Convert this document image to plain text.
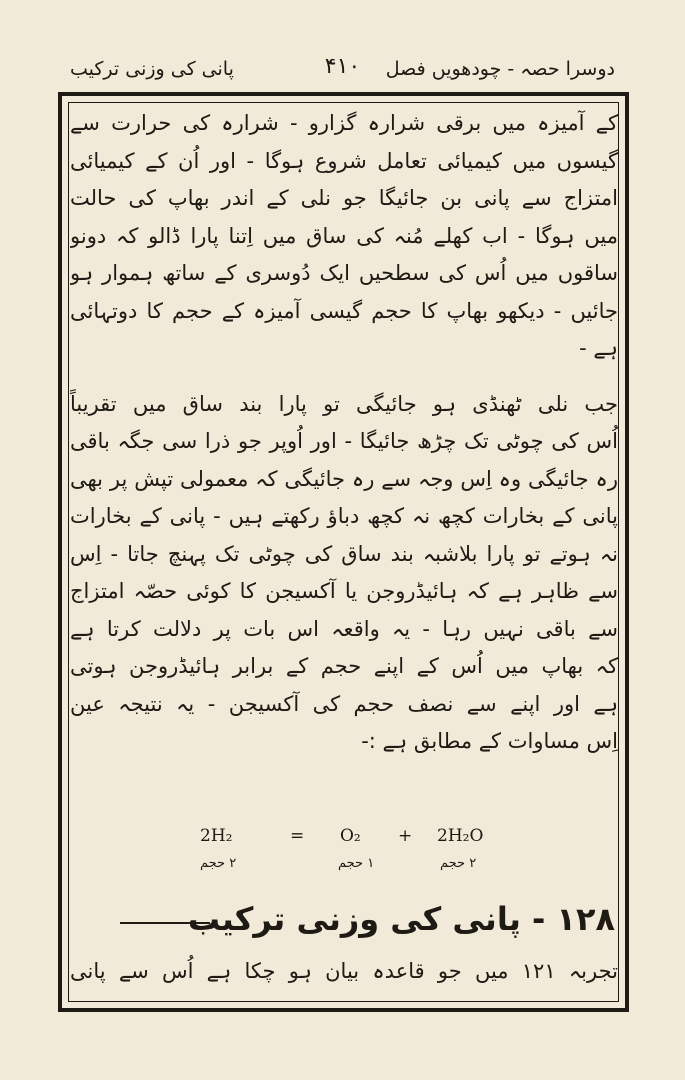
پانی کی وزنی ترکیب	۴۱۰	دوسرا حصہ - چودھویں فصل
کے آمیزہ میں برقی شرارہ گزارو - شرارہ کی حرارت سے
گیسوں میں کیمیائی تعامل شروع ہوگا - اور اُن کے کیمیائی
امتزاج سے پانی بن جائیگا جو نلی کے اندر بھاپ کی حالت
میں ہوگا - اب کھلے مُنہ کی ساق میں اِتنا پارا ڈالو کہ دونو
ساقوں میں اُس کی سطحیں ایک دُوسری کے ساتھ ہموار ہو
جائیں - دیکھو بھاپ کا حجم گیسی آمیزہ کے حجم کا دوتہائی
ہے -
جب نلی ٹھنڈی ہو جائیگی تو پارا بند ساق میں تقریباً
اُس کی چوٹی تک چڑھ جائیگا - اور اُوپر جو ذرا سی جگہ باقی
رہ جائیگی وہ اِس وجہ سے رہ جائیگی کہ معمولی تپش پر بھی
پانی کے بخارات کچھ نہ کچھ دباؤ رکھتے ہیں - پانی کے بخارات
نہ ہوتے تو پارا بلاشبہ بند ساق کی چوٹی تک پہنچ جاتا - اِس
سے ظاہر ہے کہ ہائیڈروجن یا آکسیجن کا کوئی حصّہ امتزاج
سے باقی نہیں رہا - یہ واقعہ اس بات پر دلالت کرتا ہے
کہ بھاپ میں اُس کے اپنے حجم کے برابر ہائیڈروجن ہوتی
ہے اور اپنے سے نصف حجم کی آکسیجن - یہ نتیجہ عین
اِس مساوات کے مطابق ہے :-
2H₂	= O₂ + 2H₂O
۲ حجم	۱ حجم	۲ حجم
۱۲۸ - پانی کی وزنی ترکیب
تجربہ ۱۲۱ میں جو قاعدہ بیان ہو چکا ہے اُس سے پانی
